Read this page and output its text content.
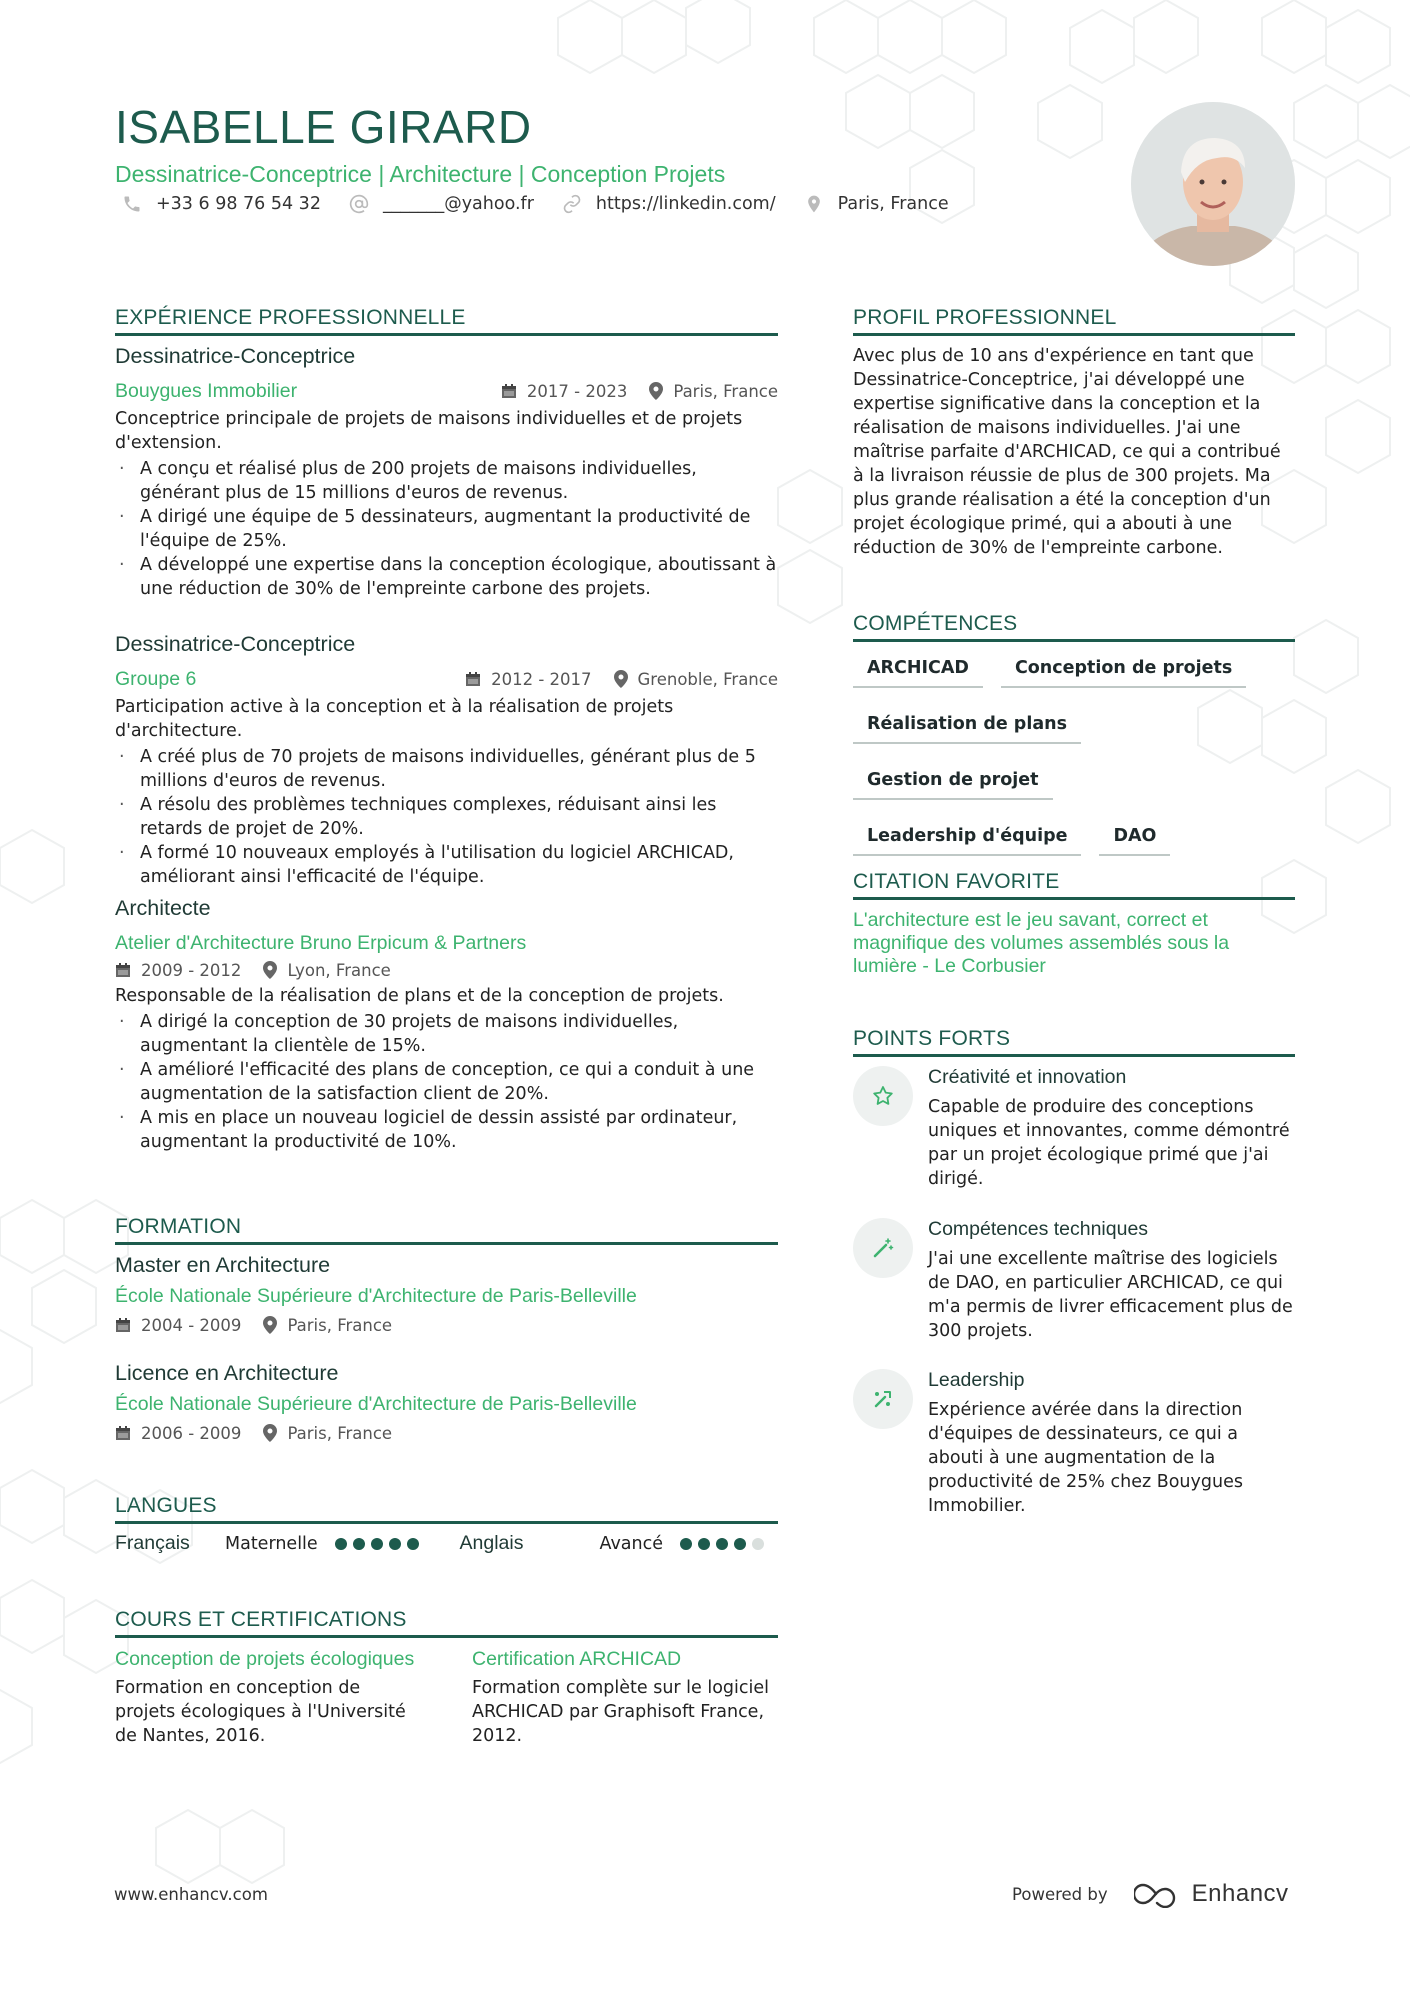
ISABELLE GIRARD
Dessinatrice-Conceptrice | Architecture | Conception Projets
+33 6 98 76 54 32	_______@yahoo.fr	https://linkedin.com/	Paris, France
EXPÉRIENCE PROFESSIONNELLE
Dessinatrice-Conceptrice
Bouygues Immobilier	2017 - 2023	Paris, France
Conceptrice principale de projets de maisons individuelles et de projets d'extension.
· A conçu et réalisé plus de 200 projets de maisons individuelles, générant plus de 15 millions d'euros de revenus.
· A dirigé une équipe de 5 dessinateurs, augmentant la productivité de l'équipe de 25%.
· A développé une expertise dans la conception écologique, aboutissant à une réduction de 30% de l'empreinte carbone des projets.
Dessinatrice-Conceptrice
Groupe 6	2012 - 2017	Grenoble, France
Participation active à la conception et à la réalisation de projets d'architecture.
· A créé plus de 70 projets de maisons individuelles, générant plus de 5 millions d'euros de revenus.
· A résolu des problèmes techniques complexes, réduisant ainsi les retards de projet de 20%.
· A formé 10 nouveaux employés à l'utilisation du logiciel ARCHICAD, améliorant ainsi l'efficacité de l'équipe.
Architecte
Atelier d'Architecture Bruno Erpicum & Partners
2009 - 2012	Lyon, France
Responsable de la réalisation de plans et de la conception de projets.
· A dirigé la conception de 30 projets de maisons individuelles, augmentant la clientèle de 15%.
· A amélioré l'efficacité des plans de conception, ce qui a conduit à une augmentation de la satisfaction client de 20%.
· A mis en place un nouveau logiciel de dessin assisté par ordinateur, augmentant la productivité de 10%.
FORMATION
Master en Architecture
École Nationale Supérieure d'Architecture de Paris-Belleville
2004 - 2009	Paris, France
Licence en Architecture
École Nationale Supérieure d'Architecture de Paris-Belleville
2006 - 2009	Paris, France
LANGUES
Français	Maternelle	Anglais	Avancé
COURS ET CERTIFICATIONS
Conception de projets écologiques
Formation en conception de projets écologiques à l'Université de Nantes, 2016.
Certification ARCHICAD
Formation complète sur le logiciel ARCHICAD par Graphisoft France, 2012.
PROFIL PROFESSIONNEL
Avec plus de 10 ans d'expérience en tant que Dessinatrice-Conceptrice, j'ai développé une expertise significative dans la conception et la réalisation de maisons individuelles. J'ai une maîtrise parfaite d'ARCHICAD, ce qui a contribué à la livraison réussie de plus de 300 projets. Ma plus grande réalisation a été la conception d'un projet écologique primé, qui a abouti à une réduction de 30% de l'empreinte carbone.
COMPÉTENCES
ARCHICAD	Conception de projets
Réalisation de plans
Gestion de projet
Leadership d'équipe	DAO
CITATION FAVORITE
L'architecture est le jeu savant, correct et magnifique des volumes assemblés sous la lumière - Le Corbusier
POINTS FORTS
Créativité et innovation
Capable de produire des conceptions uniques et innovantes, comme démontré par un projet écologique primé que j'ai dirigé.
Compétences techniques
J'ai une excellente maîtrise des logiciels de DAO, en particulier ARCHICAD, ce qui m'a permis de livrer efficacement plus de 300 projets.
Leadership
Expérience avérée dans la direction d'équipes de dessinateurs, ce qui a abouti à une augmentation de la productivité de 25% chez Bouygues Immobilier.
www.enhancv.com	Powered by	Enhancv
